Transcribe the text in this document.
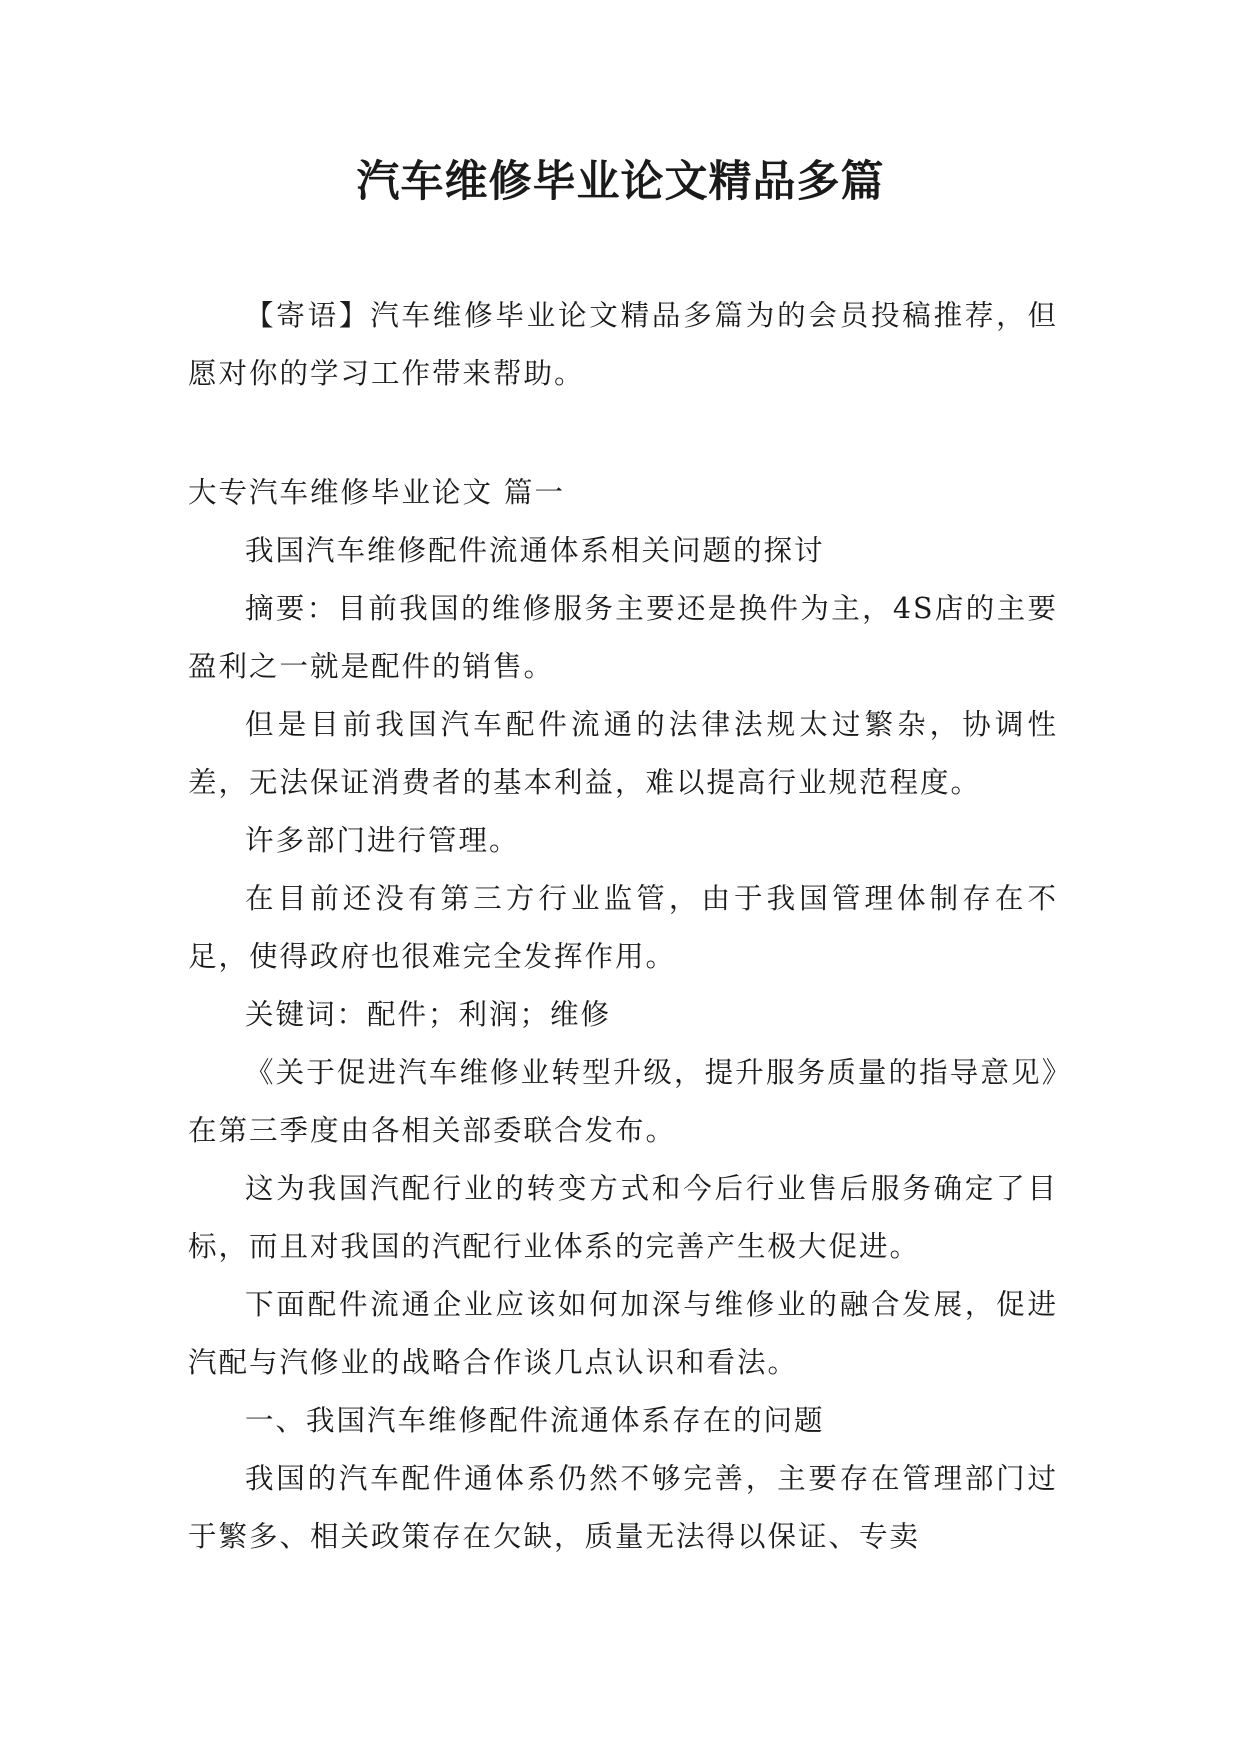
汽车维修毕业论文精品多篇

【寄语】汽车维修毕业论文精品多篇为的会员投稿推荐，但愿对你的学习工作带来帮助。

大专汽车维修毕业论文 篇一

我国汽车维修配件流通体系相关问题的探讨

摘要：目前我国的维修服务主要还是换件为主，4S店的主要盈利之一就是配件的销售。

但是目前我国汽车配件流通的法律法规太过繁杂，协调性差，无法保证消费者的基本利益，难以提高行业规范程度。

许多部门进行管理。

在目前还没有第三方行业监管，由于我国管理体制存在不足，使得政府也很难完全发挥作用。

关键词：配件；利润；维修

《关于促进汽车维修业转型升级，提升服务质量的指导意见》在第三季度由各相关部委联合发布。

这为我国汽配行业的转变方式和今后行业售后服务确定了目标，而且对我国的汽配行业体系的完善产生极大促进。

下面配件流通企业应该如何加深与维修业的融合发展，促进汽配与汽修业的战略合作谈几点认识和看法。

一、我国汽车维修配件流通体系存在的问题

我国的汽车配件通体系仍然不够完善，主要存在管理部门过于繁多、相关政策存在欠缺，质量无法得以保证、专卖
